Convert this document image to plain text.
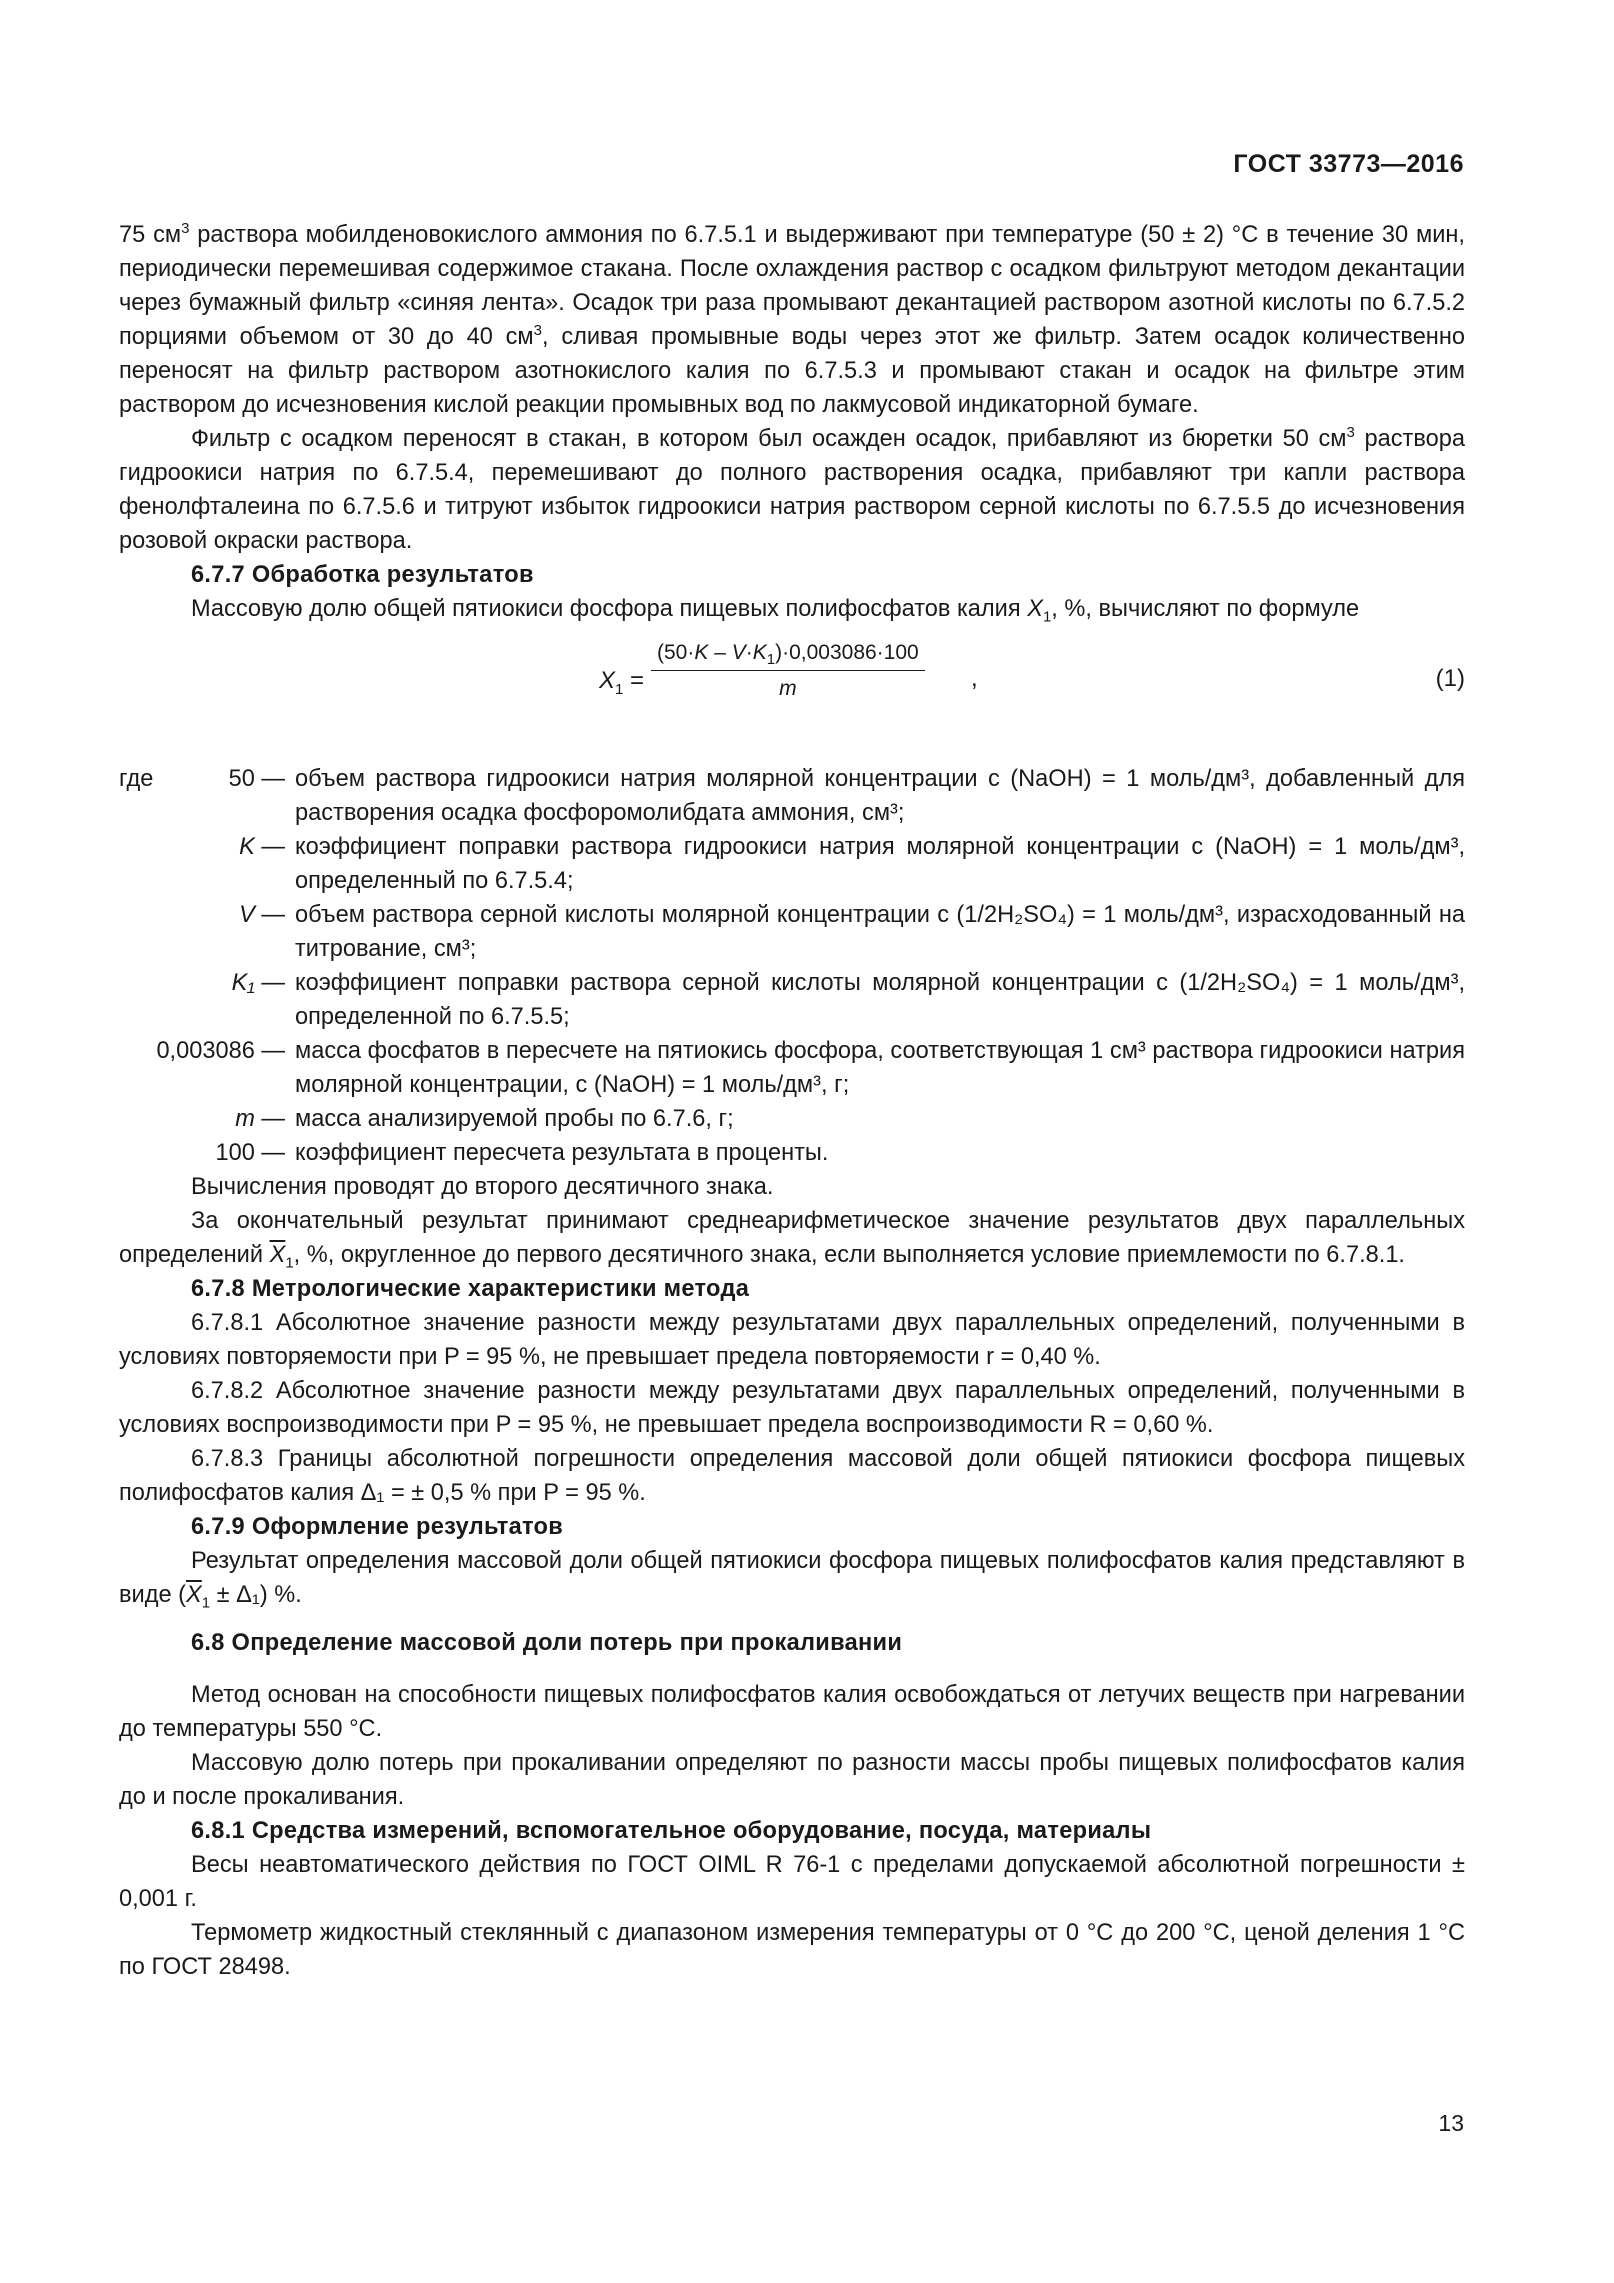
ГОСТ 33773—2016

75 $см^3$ раствора мобилденовокислого аммония по 6.7.5.1 и выдерживают при температуре (50 ± 2) °С в течение 30 мин, периодически перемешивая содержимое стакана. После охлаждения раствор с осадком фильтруют методом декантации через бумажный фильтр «синяя лента». Осадок три раза промывают декантацией раствором азотной кислоты по 6.7.5.2 порциями объемом от 30 до 40 $см^3$, сливая промывные воды через этот же фильтр. Затем осадок количественно переносят на фильтр раствором азотнокислого калия по 6.7.5.3 и промывают стакан и осадок на фильтре этим раствором до исчезновения кислой реакции промывных вод по лакмусовой индикаторной бумаге.

Фильтр с осадком переносят в стакан, в котором был осажден осадок, прибавляют из бюретки 50 $см^3$ раствора гидроокиси натрия по 6.7.5.4, перемешивают до полного растворения осадка, прибавляют три капли раствора фенолфталеина по 6.7.5.6 и титруют избыток гидроокиси натрия раствором серной кислоты по 6.7.5.5 до исчезновения розовой окраски раствора.

6.7.7 Обработка результатов

Массовую долю общей пятиокиси фосфора пищевых полифосфатов калия $X_1$, %, вычисляют по формуле

$X_1 = \frac{(50\cdot K - V\cdot K_1)\cdot 0,003086\cdot 100}{m}$ ,	(1)
где	50 — объем раствора гидроокиси натрия молярной концентрации с (NaOH) = 1 моль/дм³, добавленный для растворения осадка фосфоромолибдата аммония, см³;
K — коэффициент поправки раствора гидроокиси натрия молярной концентрации с (NaOH) = 1 моль/дм³, определенный по 6.7.5.4;
V — объем раствора серной кислоты молярной концентрации с (1/2H₂SO₄) = 1 моль/дм³, израсходованный на титрование, см³;
K₁ — коэффициент поправки раствора серной кислоты молярной концентрации с (1/2H₂SO₄) = 1 моль/дм³, определенной по 6.7.5.5;
0,003086 — масса фосфатов в пересчете на пятиокись фосфора, соответствующая 1 см³ раствора гидроокиси натрия молярной концентрации, с (NaOH) = 1 моль/дм³, г;
m — масса анализируемой пробы по 6.7.6, г;
100 — коэффициент пересчета результата в проценты.

Вычисления проводят до второго десятичного знака.

За окончательный результат принимают среднеарифметическое значение результатов двух параллельных определений $\overline{X}_1$, %, округленное до первого десятичного знака, если выполняется условие приемлемости по 6.7.8.1.

6.7.8 Метрологические характеристики метода

6.7.8.1 Абсолютное значение разности между результатами двух параллельных определений, полученными в условиях повторяемости при P = 95 %, не превышает предела повторяемости r = 0,40 %.

6.7.8.2 Абсолютное значение разности между результатами двух параллельных определений, полученными в условиях воспроизводимости при P = 95 %, не превышает предела воспроизводимости R = 0,60 %.

6.7.8.3 Границы абсолютной погрешности определения массовой доли общей пятиокиси фосфора пищевых полифосфатов калия Δ₁ = ± 0,5 % при P = 95 %.

6.7.9 Оформление результатов

Результат определения массовой доли общей пятиокиси фосфора пищевых полифосфатов калия представляют в виде $(\overline{X}_1 \pm \Delta_1)$ %.

6.8 Определение массовой доли потерь при прокаливании

Метод основан на способности пищевых полифосфатов калия освобождаться от летучих веществ при нагревании до температуры 550 °С.

Массовую долю потерь при прокаливании определяют по разности массы пробы пищевых полифосфатов калия до и после прокаливания.

6.8.1 Средства измерений, вспомогательное оборудование, посуда, материалы

Весы неавтоматического действия по ГОСТ OIML R 76-1 с пределами допускаемой абсолютной погрешности ± 0,001 г.

Термометр жидкостный стеклянный с диапазоном измерения температуры от 0 °С до 200 °С, ценой деления 1 °С по ГОСТ 28498.

13
